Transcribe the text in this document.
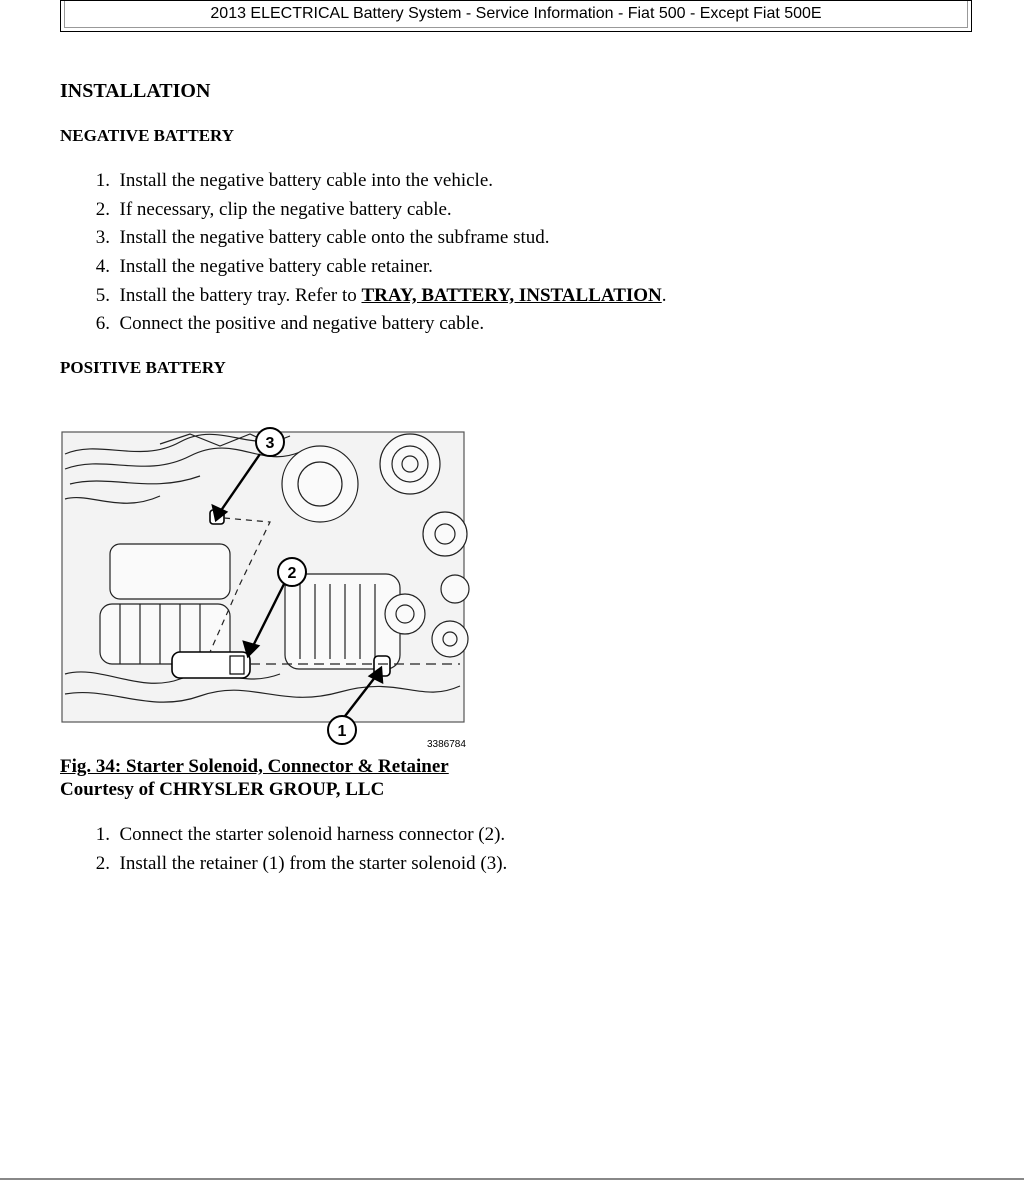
2013 ELECTRICAL Battery System - Service Information - Fiat 500 - Except Fiat 500E
INSTALLATION
NEGATIVE BATTERY
1. Install the negative battery cable into the vehicle.
2. If necessary, clip the negative battery cable.
3. Install the negative battery cable onto the subframe stud.
4. Install the negative battery cable retainer.
5. Install the battery tray. Refer to TRAY, BATTERY, INSTALLATION.
6. Connect the positive and negative battery cable.
POSITIVE BATTERY
3
2
1
3386784
Fig. 34: Starter Solenoid, Connector & Retainer
Courtesy of CHRYSLER GROUP, LLC
1. Connect the starter solenoid harness connector (2).
2. Install the retainer (1) from the starter solenoid (3).
